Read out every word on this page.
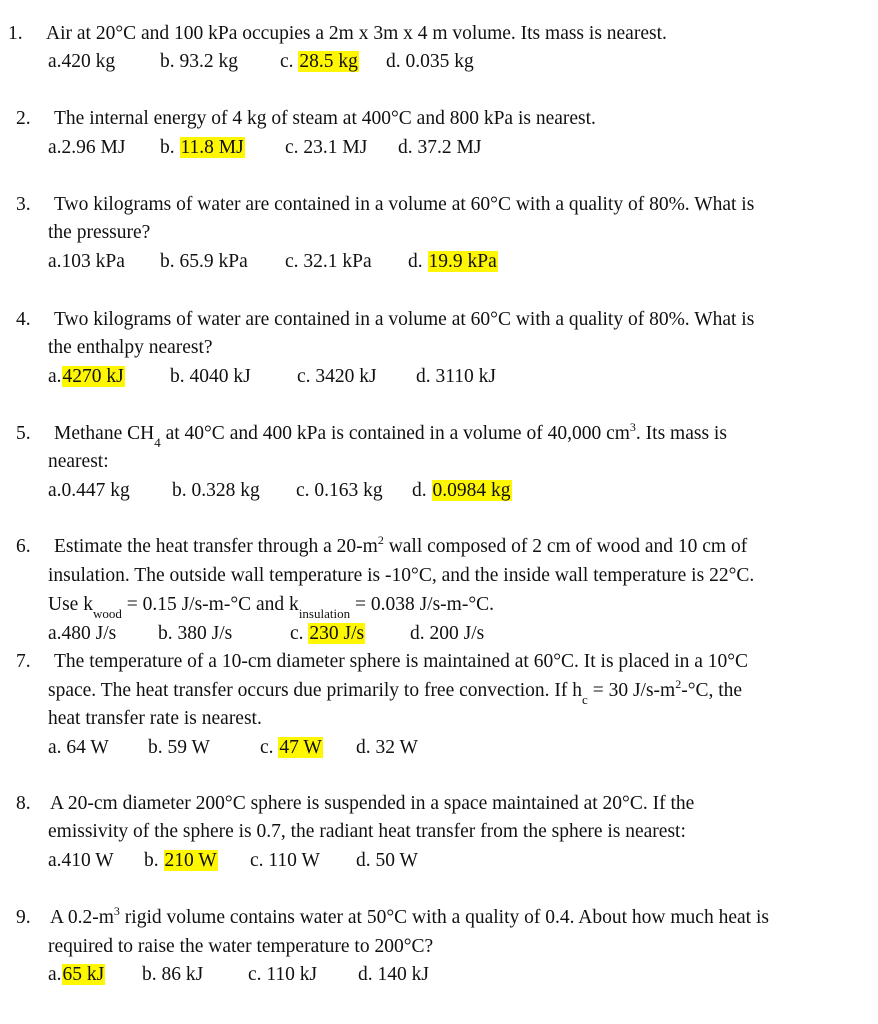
1. Air at 20°C and 100 kPa occupies a 2m x 3m x 4 m volume. Its mass is nearest.
a.420 kg b. 93.2 kg c. 28.5 kg d. 0.035 kg
2. The internal energy of 4 kg of steam at 400°C and 800 kPa is nearest.
a.2.96 MJ b. 11.8 MJ c. 23.1 MJ d. 37.2 MJ
3. Two kilograms of water are contained in a volume at 60°C with a quality of 80%. What is
the pressure?
a.103 kPa b. 65.9 kPa c. 32.1 kPa d. 19.9 kPa
4. Two kilograms of water are contained in a volume at 60°C with a quality of 80%. What is
the enthalpy nearest?
a.4270 kJ b. 4040 kJ c. 3420 kJ d. 3110 kJ
5. Methane $CH_4$ at 40°C and 400 kPa is contained in a volume of 40,000 $cm^3$. Its mass is
nearest:
a.0.447 kg b. 0.328 kg c. 0.163 kg d. 0.0984 kg
6. Estimate the heat transfer through a $20-m^2$ wall composed of 2 cm of wood and 10 cm of
insulation. The outside wall temperature is -10°C, and the inside wall temperature is 22°C.
Use $k_{wood} = 0.15$ J/s-m-°C and $k_{insulation} = 0.038$ J/s-m-°C.
a.480 J/s b. 380 J/s	c. 230 J/s d. 200 J/s
7. The temperature of a 10-cm diameter sphere is maintained at 60°C. It is placed in a 10°C
space. The heat transfer occurs due primarily to free convection. If $h_c = 30$ $J/s-m^2-^\circ C$, the
heat transfer rate is nearest.
a. 64 W b. 59 W	c. 47 W d. 32 W
8. A 20-cm diameter 200°C sphere is suspended in a space maintained at 20°C. If the
emissivity of the sphere is 0.7, the radiant heat transfer from the sphere is nearest:
a.410 W b. 210 W c. 110 W d. 50 W
9. A $0.2-m^3$ rigid volume contains water at 50°C with a quality of 0.4. About how much heat is
required to raise the water temperature to 200°C?
a.65 kJ b. 86 kJ c. 110 kJ d. 140 kJ
